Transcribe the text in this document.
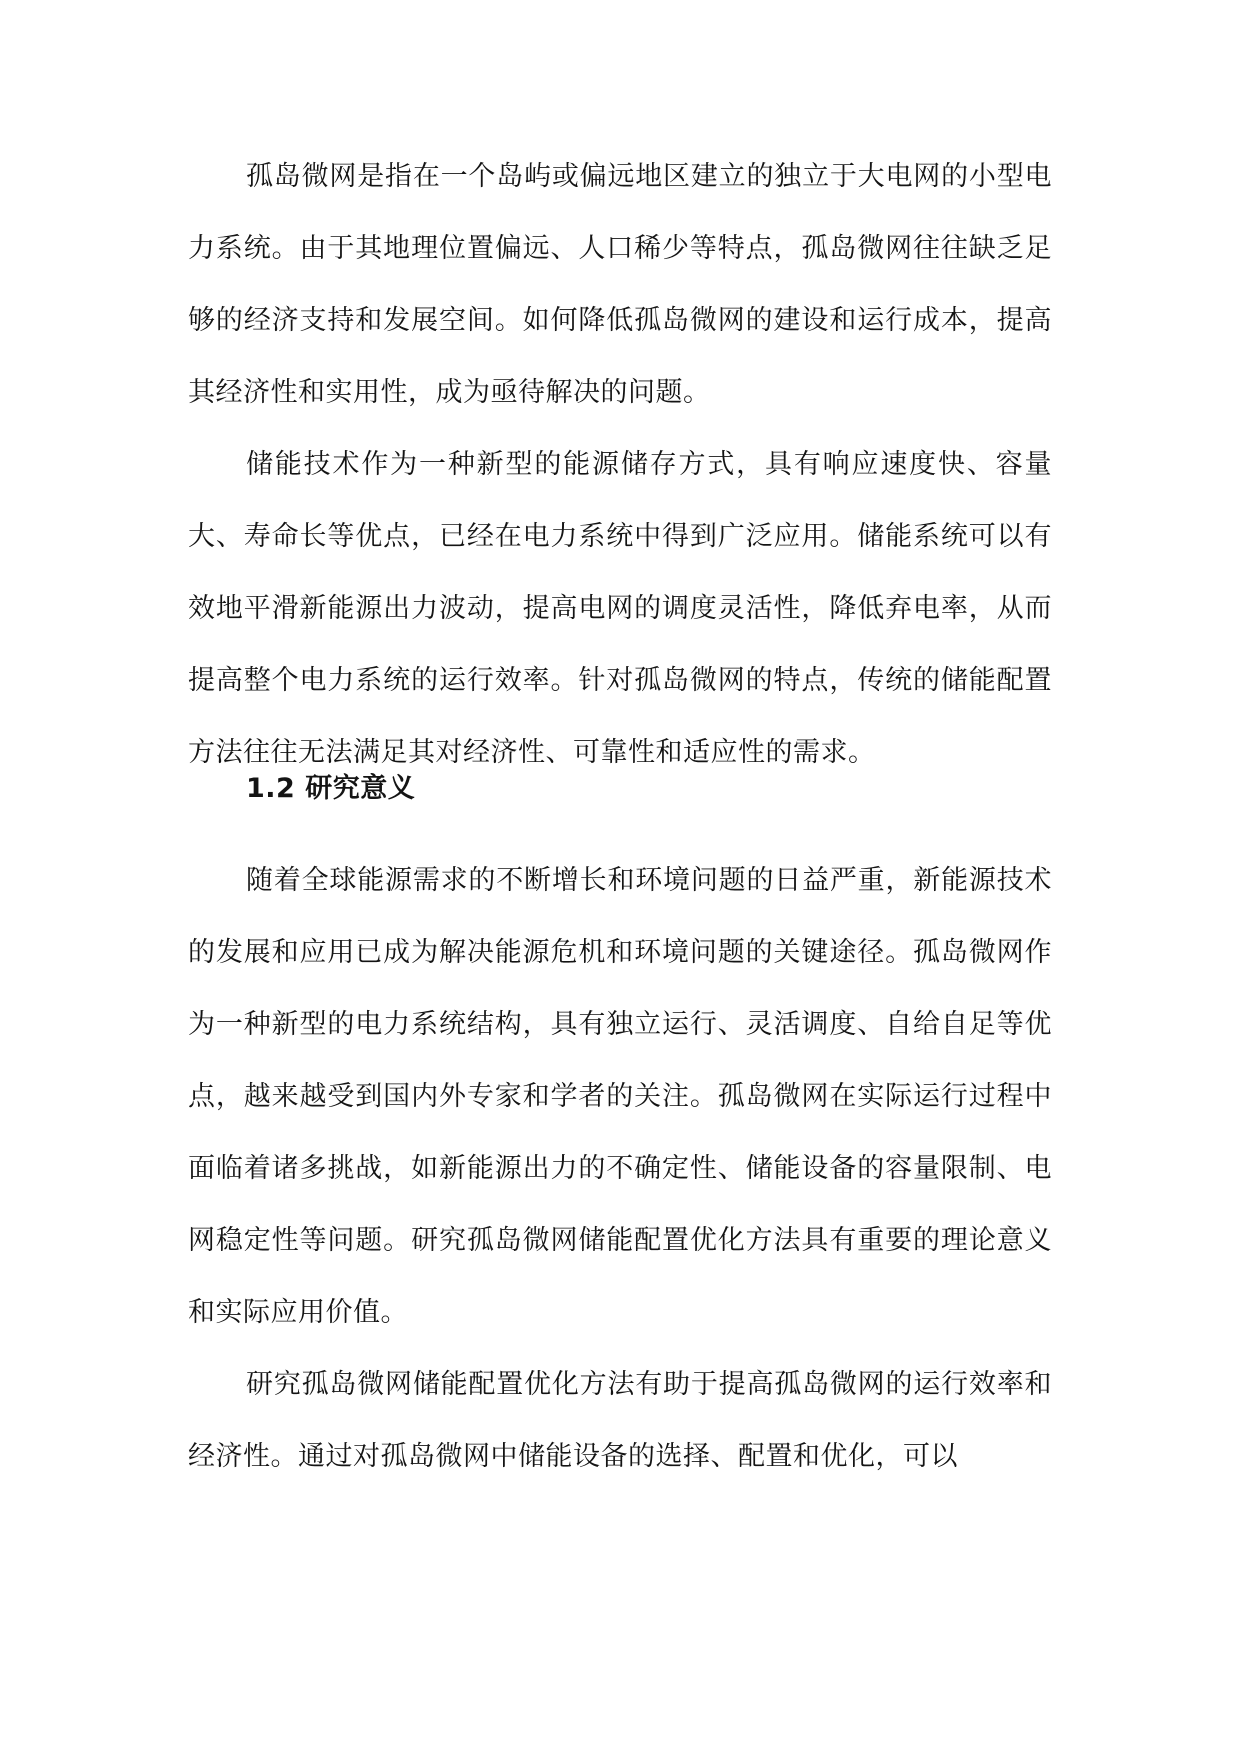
孤岛微网是指在一个岛屿或偏远地区建立的独立于大电网的小型电力系统。由于其地理位置偏远、人口稀少等特点，孤岛微网往往缺乏足够的经济支持和发展空间。如何降低孤岛微网的建设和运行成本，提高其经济性和实用性，成为亟待解决的问题。

储能技术作为一种新型的能源储存方式，具有响应速度快、容量大、寿命长等优点，已经在电力系统中得到广泛应用。储能系统可以有效地平滑新能源出力波动，提高电网的调度灵活性，降低弃电率，从而提高整个电力系统的运行效率。针对孤岛微网的特点，传统的储能配置方法往往无法满足其对经济性、可靠性和适应性的需求。

1.2 研究意义

随着全球能源需求的不断增长和环境问题的日益严重，新能源技术的发展和应用已成为解决能源危机和环境问题的关键途径。孤岛微网作为一种新型的电力系统结构，具有独立运行、灵活调度、自给自足等优点，越来越受到国内外专家和学者的关注。孤岛微网在实际运行过程中面临着诸多挑战，如新能源出力的不确定性、储能设备的容量限制、电网稳定性等问题。研究孤岛微网储能配置优化方法具有重要的理论意义和实际应用价值。

研究孤岛微网储能配置优化方法有助于提高孤岛微网的运行效率和经济性。通过对孤岛微网中储能设备的选择、配置和优化，可以
